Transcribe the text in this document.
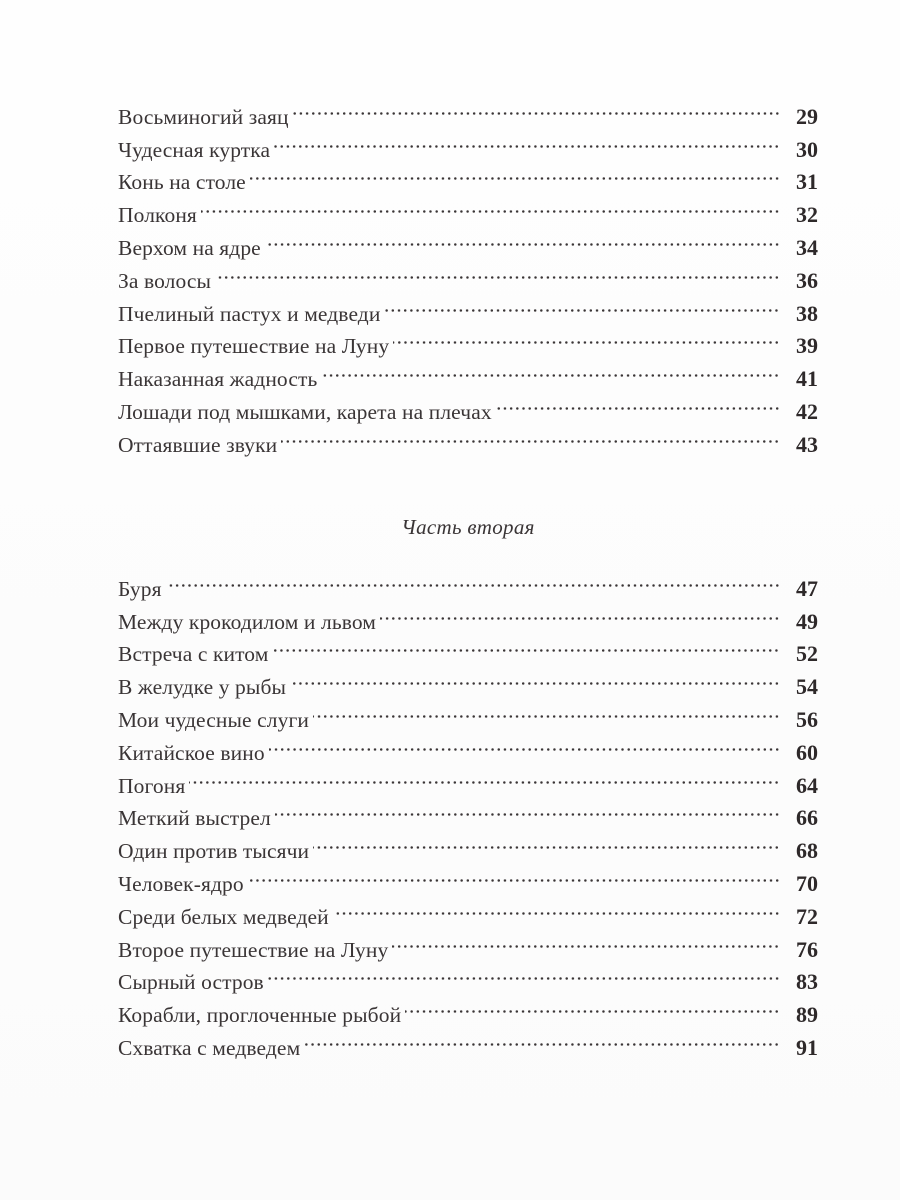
Восьминогий заяц	29
Чудесная куртка	30
Конь на столе	31
Полконя	32
Верхом на ядре	34
За волосы	36
Пчелиный пастух и медведи	38
Первое путешествие на Луну	39
Наказанная жадность	41
Лошади под мышками, карета на плечах	42
Оттаявшие звуки	43
Часть вторая
Буря	47
Между крокодилом и львом	49
Встреча с китом	52
В желудке у рыбы	54
Мои чудесные слуги	56
Китайское вино	60
Погоня	64
Меткий выстрел	66
Один против тысячи	68
Человек-ядро	70
Среди белых медведей	72
Второе путешествие на Луну	76
Сырный остров	83
Корабли, проглоченные рыбой	89
Схватка с медведем	91
